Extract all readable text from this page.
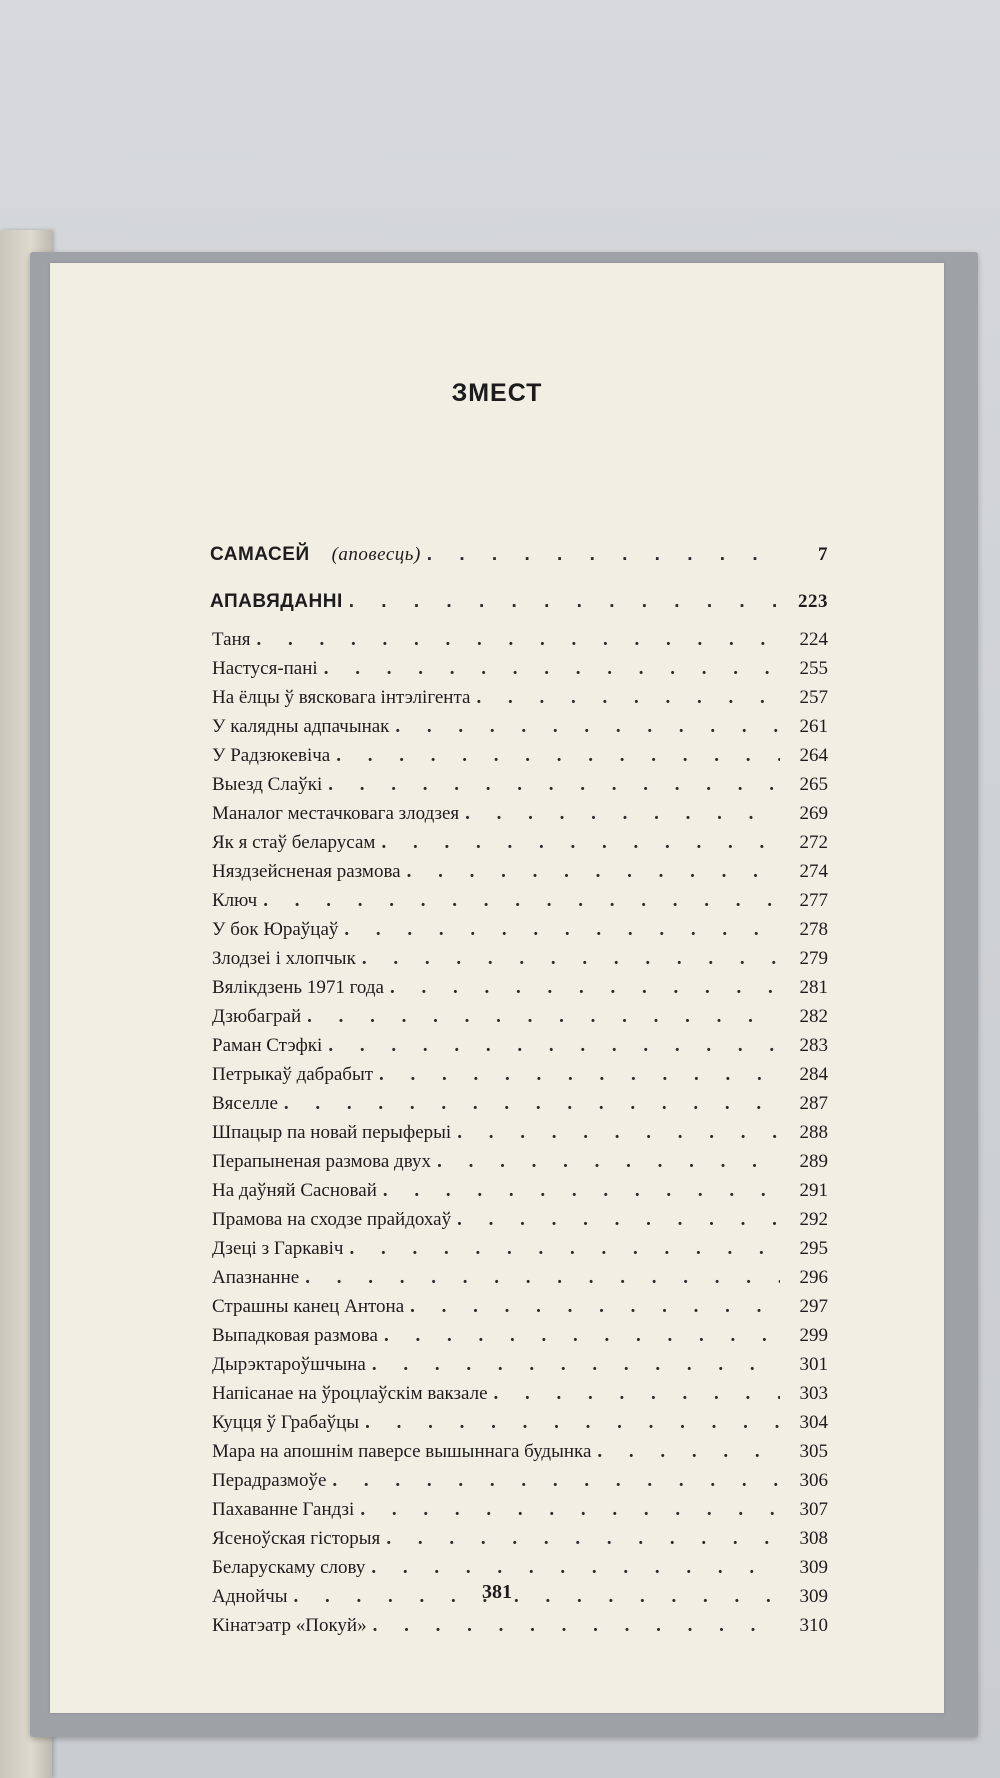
ЗМЕСТ
САМАСЕЙ (аповесць) . . .	7
АПАВЯДАННІ . . .	223
Таня . . .	224
Настуся-пані . . .	255
На ёлцы ў вясковага інтэлігента . . .	257
У калядны адпачынак . . .	261
У Радзюкевіча . . .	264
Выезд Слаўкі . . .	265
Маналог местачковага злодзея . . .	269
Як я стаў беларусам . . .	272
Няздзейсненая размова . . .	274
Ключ . . .	277
У бок Юраўцаў . . .	278
Злодзеі і хлопчык . . .	279
Вялікдзень 1971 года . . .	281
Дзюбаграй . . .	282
Раман Стэфкі . . .	283
Петрыкаў дабрабыт . . .	284
Вяселле . . .	287
Шпацыр па новай перыферыі . . .	288
Перапыненая размова двух . . .	289
На даўняй Сасновай . . .	291
Прамова на сходзе прайдохаў . . .	292
Дзеці з Гаркавіч . . .	295
Апазнанне . . .	296
Страшны канец Антона . . .	297
Выпадковая размова . . .	299
Дырэктароўшчына . . .	301
Напісанае на ўроцлаўскім вакзале . . .	303
Куцця ў Грабаўцы . . .	304
Мара на апошнім паверсе вышыннага будынка . . .	305
Перадразмоўе . . .	306
Пахаванне Гандзі . . .	307
Ясеноўская гісторыя . . .	308
Беларускаму слову . . .	309
Аднойчы . . .	309
Кінатэатр «Покуй» . . .	310
381
